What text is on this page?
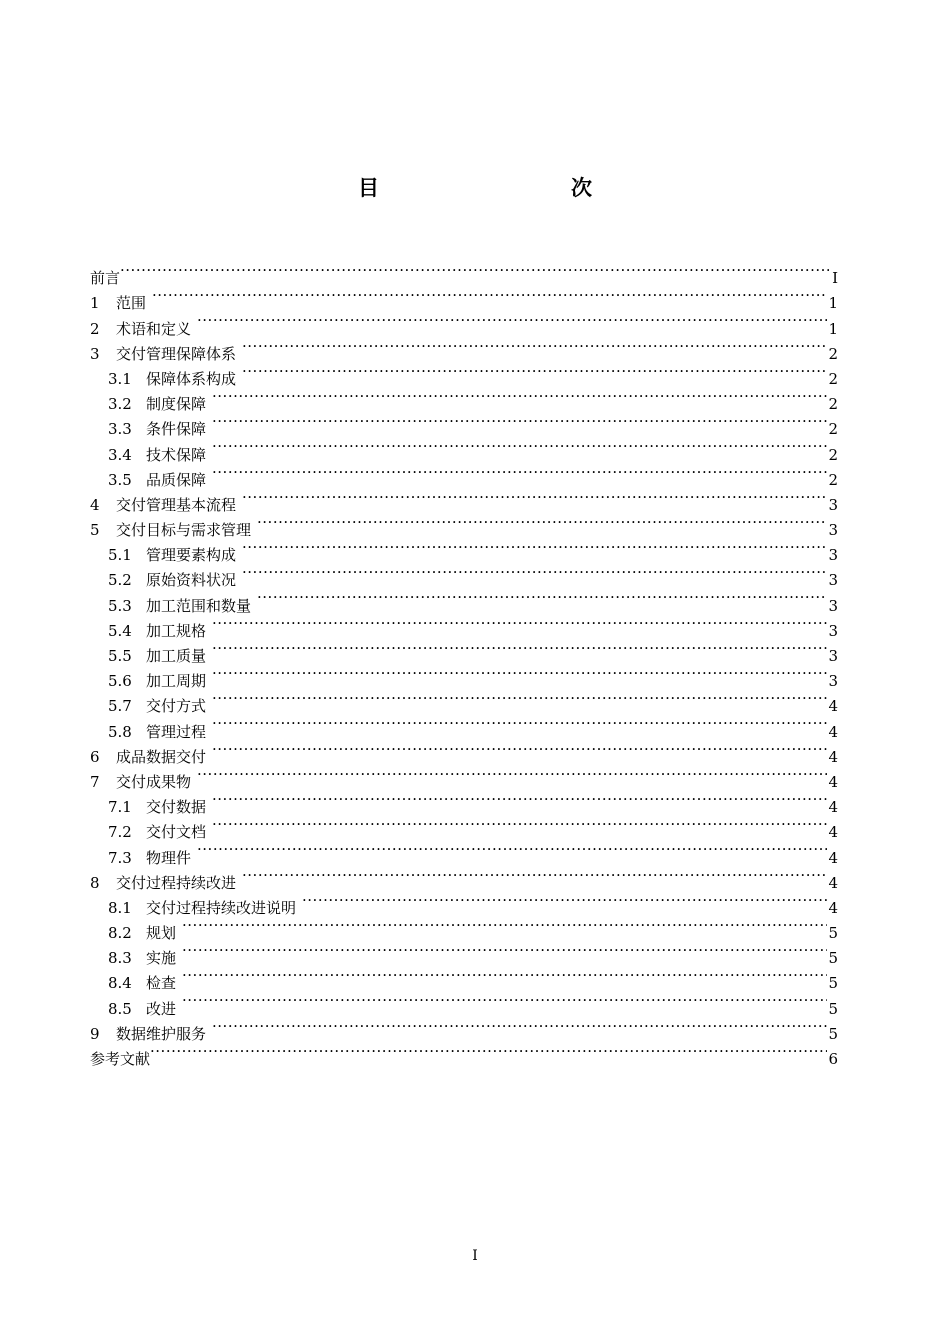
目　　次
前言 ·····	I
1	范围 ·····	1
2	术语和定义 ·····	1
3	交付管理保障体系 ·····	2
3.1 保障体系构成 ·····	2
3.2 制度保障 ·····	2
3.3 条件保障 ·····	2
3.4 技术保障 ·····	2
3.5 品质保障 ·····	2
4	交付管理基本流程 ·····	3
5	交付目标与需求管理 ·····	3
5.1 管理要素构成 ·····	3
5.2 原始资料状况 ·····	3
5.3 加工范围和数量 ·····	3
5.4 加工规格 ·····	3
5.5 加工质量 ·····	3
5.6 加工周期 ·····	3
5.7 交付方式 ·····	4
5.8 管理过程 ·····	4
6	成品数据交付 ·····	4
7	交付成果物 ·····	4
7.1 交付数据 ·····	4
7.2 交付文档 ·····	4
7.3 物理件 ·····	4
8	交付过程持续改进 ·····	4
8.1 交付过程持续改进说明 ·····	4
8.2 规划 ·····	5
8.3 实施 ·····	5
8.4 检查 ·····	5
8.5 改进 ·····	5
9	数据维护服务 ·····	5
参考文献 ·····	6
I
